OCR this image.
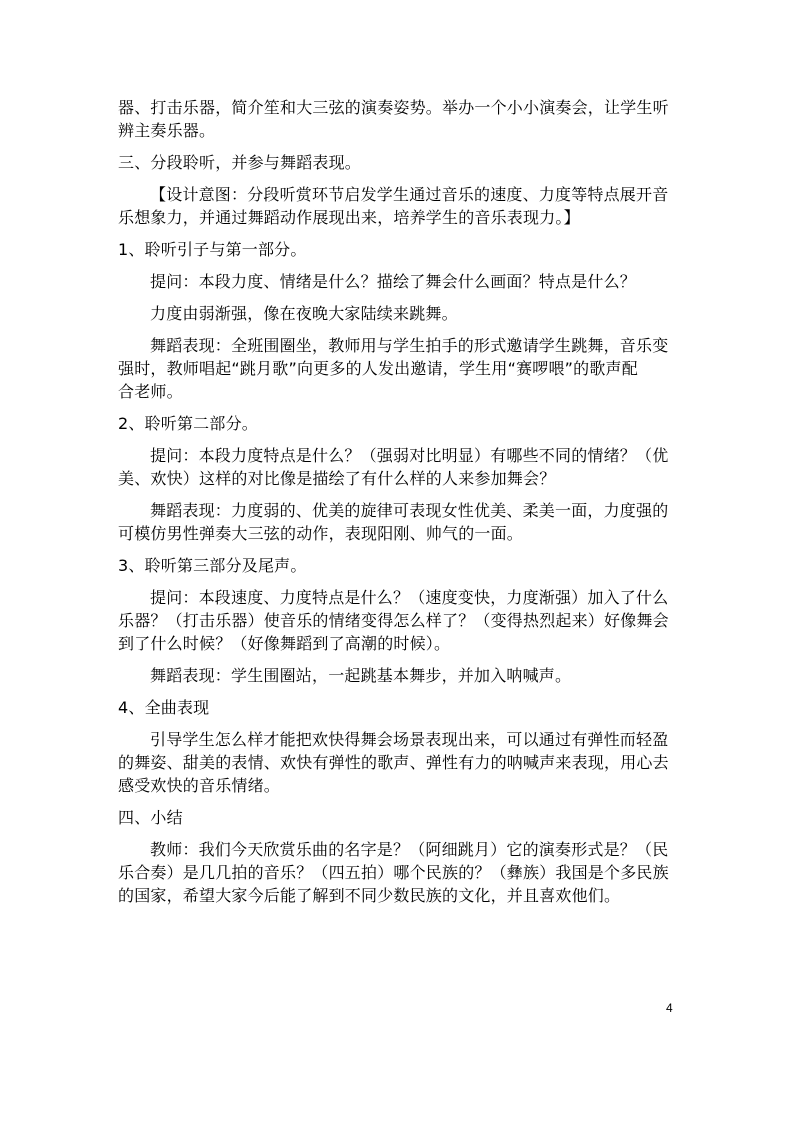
器、打击乐器，简介笙和大三弦的演奏姿势。举办一个小小演奏会，让学生听

辨主奏乐器。

三、分段聆听，并参与舞蹈表现。

【设计意图：分段听赏环节启发学生通过音乐的速度、力度等特点展开音

乐想象力，并通过舞蹈动作展现出来，培养学生的音乐表现力。】

1、聆听引子与第一部分。

提问：本段力度、情绪是什么？描绘了舞会什么画面？特点是什么？

力度由弱渐强，像在夜晚大家陆续来跳舞。

舞蹈表现：全班围圈坐，教师用与学生拍手的形式邀请学生跳舞，音乐变

强时，教师唱起“跳月歌”向更多的人发出邀请，学生用“赛啰喂”的歌声配

合老师。

2、聆听第二部分。

提问：本段力度特点是什么？（强弱对比明显）有哪些不同的情绪？（优

美、欢快）这样的对比像是描绘了有什么样的人来参加舞会？

舞蹈表现：力度弱的、优美的旋律可表现女性优美、柔美一面，力度强的

可模仿男性弹奏大三弦的动作，表现阳刚、帅气的一面。

3、聆听第三部分及尾声。

提问：本段速度、力度特点是什么？（速度变快，力度渐强）加入了什么

乐器？（打击乐器）使音乐的情绪变得怎么样了？（变得热烈起来）好像舞会

到了什么时候？（好像舞蹈到了高潮的时候）。

舞蹈表现：学生围圈站，一起跳基本舞步，并加入呐喊声。

4、全曲表现

引导学生怎么样才能把欢快得舞会场景表现出来，可以通过有弹性而轻盈

的舞姿、甜美的表情、欢快有弹性的歌声、弹性有力的呐喊声来表现，用心去

感受欢快的音乐情绪。

四、小结

教师：我们今天欣赏乐曲的名字是？（阿细跳月）它的演奏形式是？（民

乐合奏）是几几拍的音乐？（四五拍）哪个民族的？（彝族）我国是个多民族

的国家，希望大家今后能了解到不同少数民族的文化，并且喜欢他们。

4
